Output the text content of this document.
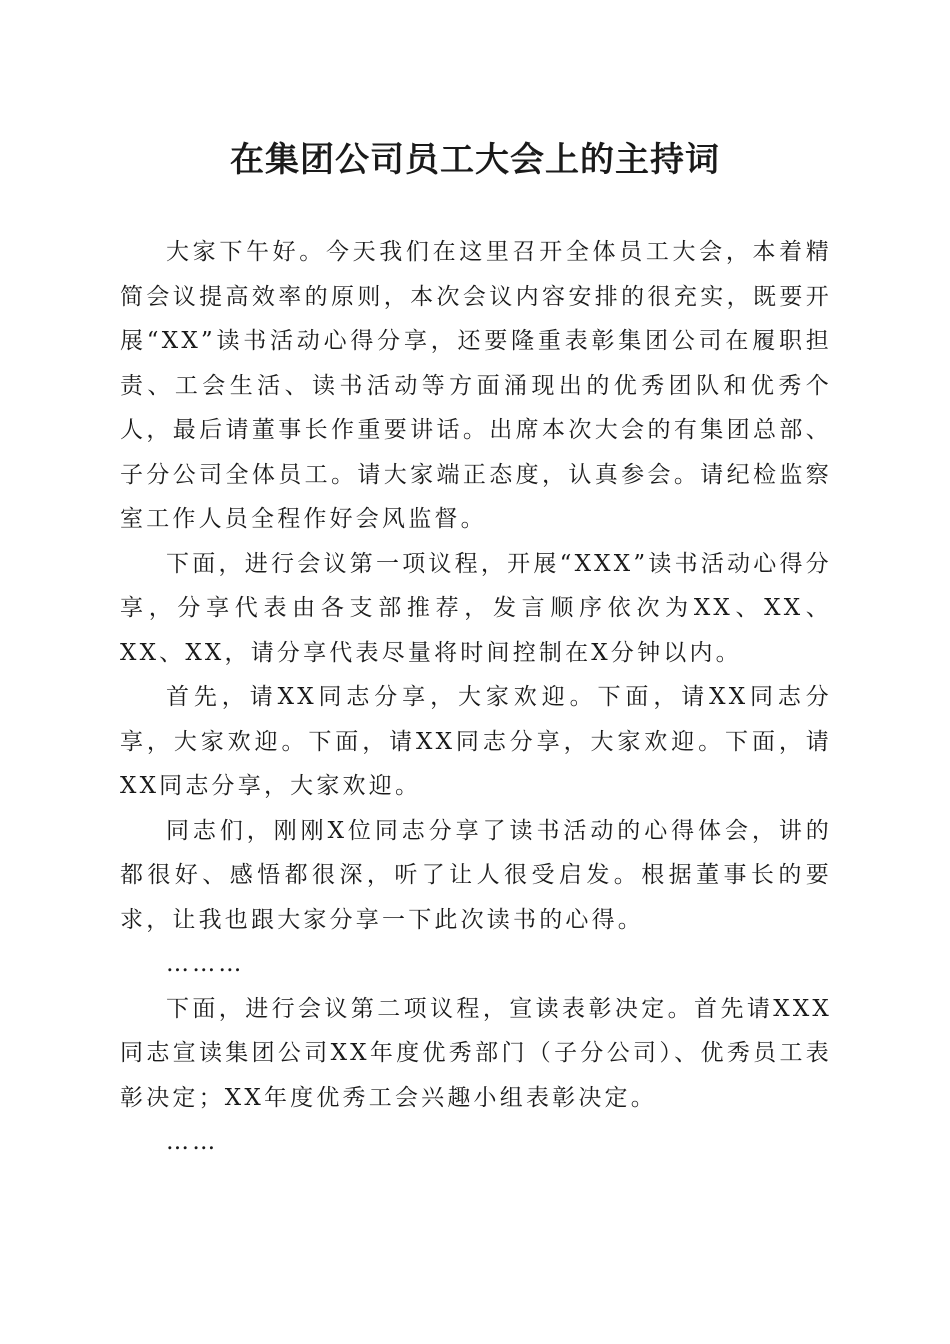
在集团公司员工大会上的主持词

大家下午好。今天我们在这里召开全体员工大会，本着精简会议提高效率的原则，本次会议内容安排的很充实，既要开展“XX”读书活动心得分享，还要隆重表彰集团公司在履职担责、工会生活、读书活动等方面涌现出的优秀团队和优秀个人，最后请董事长作重要讲话。出席本次大会的有集团总部、子分公司全体员工。请大家端正态度，认真参会。请纪检监察室工作人员全程作好会风监督。

下面，进行会议第一项议程，开展“XXX”读书活动心得分享，分享代表由各支部推荐，发言顺序依次为XX、XX、XX、XX，请分享代表尽量将时间控制在X分钟以内。

首先，请XX同志分享，大家欢迎。下面，请XX同志分享，大家欢迎。下面，请XX同志分享，大家欢迎。下面，请XX同志分享，大家欢迎。

同志们，刚刚X位同志分享了读书活动的心得体会，讲的都很好、感悟都很深，听了让人很受启发。根据董事长的要求，让我也跟大家分享一下此次读书的心得。

………

下面，进行会议第二项议程，宣读表彰决定。首先请XXX同志宣读集团公司XX年度优秀部门（子分公司）、优秀员工表彰决定；XX年度优秀工会兴趣小组表彰决定。

……
